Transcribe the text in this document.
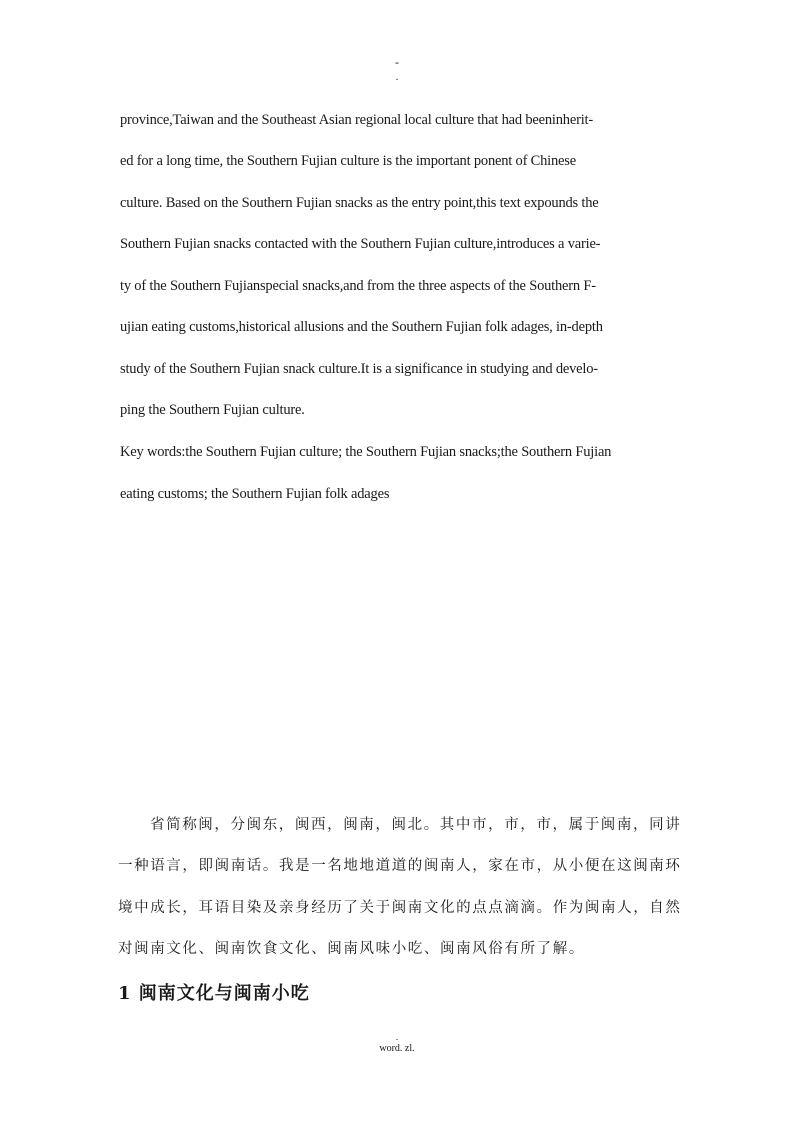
-
.
province,Taiwan and the Southeast Asian regional local culture that had beeninherit-
ed for a long time, the Southern Fujian culture is the important ponent of Chinese
culture. Based on the Southern Fujian snacks as the entry point,this text expounds the
Southern Fujian snacks contacted with the Southern Fujian culture,introduces a varie-
ty of the Southern Fujianspecial snacks,and from the three aspects of the Southern F-
ujian eating customs,historical allusions and the Southern Fujian folk adages, in-depth
study of the Southern Fujian snack culture.It is a significance in studying and develo-
ping the Southern Fujian culture.
Key words:the Southern Fujian culture; the Southern Fujian snacks;the Southern Fujian
eating customs; the Southern Fujian folk adages
省简称闽，分闽东，闽西，闽南，闽北。其中市，市，市，属于闽南，同讲
一种语言，即闽南话。我是一名地地道道的闽南人，家在市，从小便在这闽南环
境中成长，耳语目染及亲身经历了关于闽南文化的点点滴滴。作为闽南人，自然
对闽南文化、闽南饮食文化、闽南风味小吃、闽南风俗有所了解。
1 闽南文化与闽南小吃
.
word. zl.
